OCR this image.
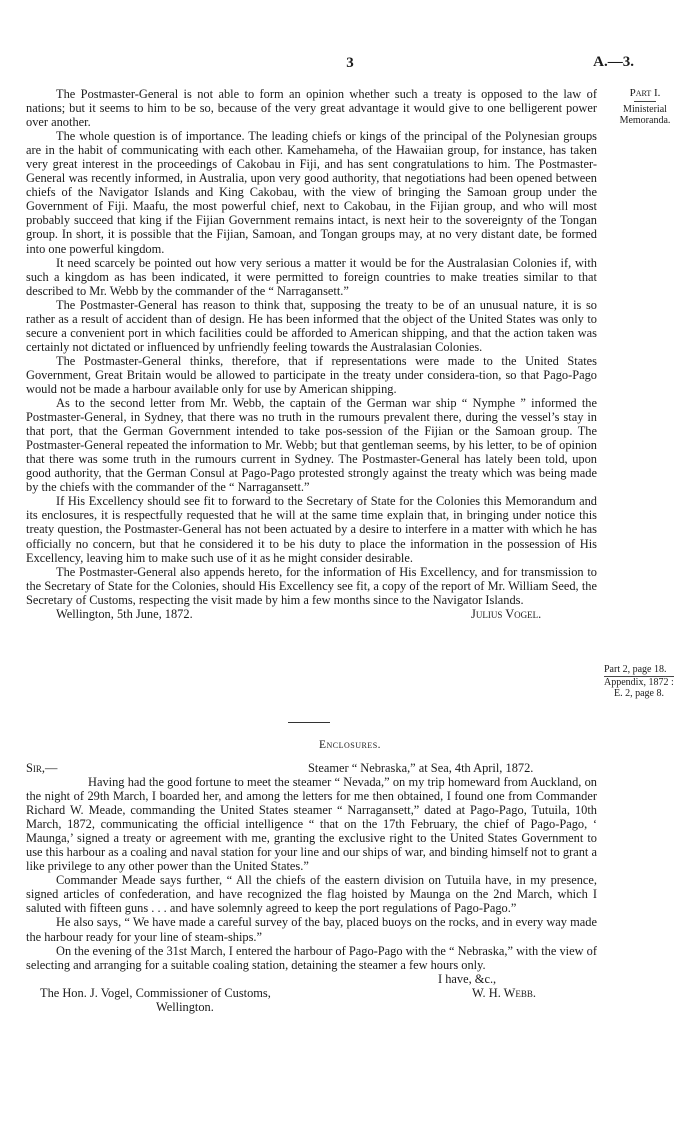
3	A.—3.
Part I.
Ministerial
Memoranda.
Part 2, page 18.
Appendix, 1872 :
E. 2, page 8.

The Postmaster-General is not able to form an opinion whether such a treaty is opposed to the law of nations; but it seems to him to be so, because of the very great advantage it would give to one belligerent power over another.

The whole question is of importance. The leading chiefs or kings of the principal of the Polynesian groups are in the habit of communicating with each other. Kamehameha, of the Hawaiian group, for instance, has taken very great interest in the proceedings of Cakobau in Fiji, and has sent congratulations to him. The Postmaster-General was recently informed, in Australia, upon very good authority, that negotiations had been opened between chiefs of the Navigator Islands and King Cakobau, with the view of bringing the Samoan group under the Government of Fiji. Maafu, the most powerful chief, next to Cakobau, in the Fijian group, and who will most probably succeed that king if the Fijian Government remains intact, is next heir to the sovereignty of the Tongan group. In short, it is possible that the Fijian, Samoan, and Tongan groups may, at no very distant date, be formed into one powerful kingdom.

It need scarcely be pointed out how very serious a matter it would be for the Australasian Colonies if, with such a kingdom as has been indicated, it were permitted to foreign countries to make treaties similar to that described to Mr. Webb by the commander of the “ Narragansett.”

The Postmaster-General has reason to think that, supposing the treaty to be of an unusual nature, it is so rather as a result of accident than of design. He has been informed that the object of the United States was only to secure a convenient port in which facilities could be afforded to American shipping, and that the action taken was certainly not dictated or influenced by unfriendly feeling towards the Australasian Colonies.

The Postmaster-General thinks, therefore, that if representations were made to the United States Government, Great Britain would be allowed to participate in the treaty under considera-tion, so that Pago-Pago would not be made a harbour available only for use by American shipping.

As to the second letter from Mr. Webb, the captain of the German war ship “ Nymphe ” informed the Postmaster-General, in Sydney, that there was no truth in the rumours prevalent there, during the vessel’s stay in that port, that the German Government intended to take pos-session of the Fijian or the Samoan group. The Postmaster-General repeated the information to Mr. Webb; but that gentleman seems, by his letter, to be of opinion that there was some truth in the rumours current in Sydney. The Postmaster-General has lately been told, upon good authority, that the German Consul at Pago-Pago protested strongly against the treaty which was being made by the chiefs with the commander of the “ Narragansett.”

If His Excellency should see fit to forward to the Secretary of State for the Colonies this Memorandum and its enclosures, it is respectfully requested that he will at the same time explain that, in bringing under notice this treaty question, the Postmaster-General has not been actuated by a desire to interfere in a matter with which he has officially no concern, but that he considered it to be his duty to place the information in the possession of His Excellency, leaving him to make such use of it as he might consider desirable.

The Postmaster-General also appends hereto, for the information of His Excellency, and for transmission to the Secretary of State for the Colonies, should His Excellency see fit, a copy of the report of Mr. William Seed, the Secretary of Customs, respecting the visit made by him a few months since to the Navigator Islands.

Wellington, 5th June, 1872.	Julius Vogel.
Enclosures.
Sir,—	Steamer “ Nebraska,” at Sea, 4th April, 1872.

Having had the good fortune to meet the steamer “ Nevada,” on my trip homeward from Auckland, on the night of 29th March, I boarded her, and among the letters for me then obtained, I found one from Commander Richard W. Meade, commanding the United States steamer “ Narragansett,” dated at Pago-Pago, Tutuila, 10th March, 1872, communicating the official intelligence “ that on the 17th February, the chief of Pago-Pago, ‘ Maunga,’ signed a treaty or agreement with me, granting the exclusive right to the United States Government to use this harbour as a coaling and naval station for your line and our ships of war, and binding himself not to grant a like privilege to any other power than the United States.”

Commander Meade says further, “ All the chiefs of the eastern division on Tutuila have, in my presence, signed articles of confederation, and have recognized the flag hoisted by Maunga on the 2nd March, which I saluted with fifteen guns . . . and have solemnly agreed to keep the port regulations of Pago-Pago.”

He also says, “ We have made a careful survey of the bay, placed buoys on the rocks, and in every way made the harbour ready for your line of steam-ships.”

On the evening of the 31st March, I entered the harbour of Pago-Pago with the “ Nebraska,” with the view of selecting and arranging for a suitable coaling station, detaining the steamer a few hours only.

I have, &c.,
The Hon. J. Vogel, Commissioner of Customs,	W. H. Webb.
Wellington.
